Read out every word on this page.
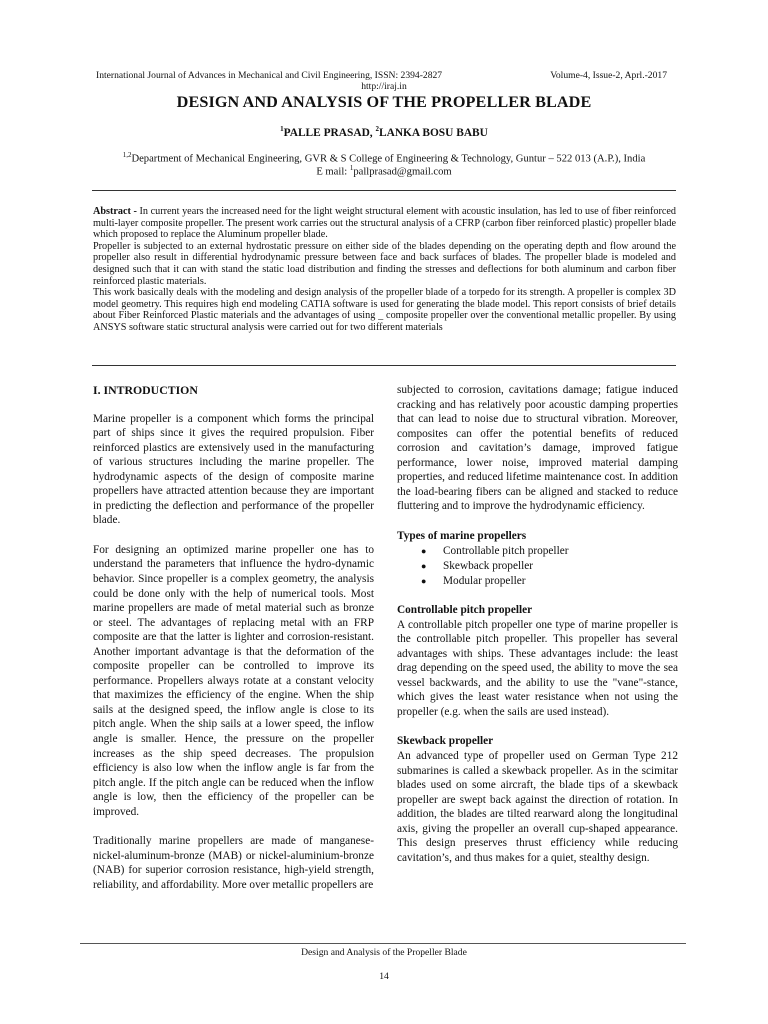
International Journal of Advances in Mechanical and Civil Engineering, ISSN: 2394-2827	Volume-4, Issue-2, Aprl.-2017
http://iraj.in
DESIGN AND ANALYSIS OF THE PROPELLER BLADE
$^1$PALLE PRASAD, $^2$LANKA BOSU BABU
$^{1,2}$Department of Mechanical Engineering, GVR & S College of Engineering & Technology, Guntur – 522 013 (A.P.), India
E mail: $^1$pallprasad@gmail.com

Abstract - In current years the increased need for the light weight structural element with acoustic insulation, has led to use of fiber reinforced multi-layer composite propeller. The present work carries out the structural analysis of a CFRP (carbon fiber reinforced plastic) propeller blade which proposed to replace the Aluminum propeller blade.

Propeller is subjected to an external hydrostatic pressure on either side of the blades depending on the operating depth and flow around the propeller also result in differential hydrodynamic pressure between face and back surfaces of blades. The propeller blade is modeled and designed such that it can with stand the static load distribution and finding the stresses and deflections for both aluminum and carbon fiber reinforced plastic materials.

This work basically deals with the modeling and design analysis of the propeller blade of a torpedo for its strength. A propeller is complex 3D model geometry. This requires high end modeling CATIA software is used for generating the blade model. This report consists of brief details about Fiber Reinforced Plastic materials and the advantages of using _ composite propeller over the conventional metallic propeller. By using ANSYS software static structural analysis were carried out for two different materials

I. INTRODUCTION

Marine propeller is a component which forms the principal part of ships since it gives the required propulsion. Fiber reinforced plastics are extensively used in the manufacturing of various structures including the marine propeller. The hydrodynamic aspects of the design of composite marine propellers have attracted attention because they are important in predicting the deflection and performance of the propeller blade.

For designing an optimized marine propeller one has to understand the parameters that influence the hydro-dynamic behavior. Since propeller is a complex geometry, the analysis could be done only with the help of numerical tools. Most marine propellers are made of metal material such as bronze or steel. The advantages of replacing metal with an FRP composite are that the latter is lighter and corrosion-resistant. Another important advantage is that the deformation of the composite propeller can be controlled to improve its performance. Propellers always rotate at a constant velocity that maximizes the efficiency of the engine. When the ship sails at the designed speed, the inflow angle is close to its pitch angle. When the ship sails at a lower speed, the inflow angle is smaller. Hence, the pressure on the propeller increases as the ship speed decreases. The propulsion efficiency is also low when the inflow angle is far from the pitch angle. If the pitch angle can be reduced when the inflow angle is low, then the efficiency of the propeller can be improved.

Traditionally marine propellers are made of manganese-nickel-aluminum-bronze (MAB) or nickel-aluminium-bronze (NAB) for superior corrosion resistance, high-yield strength, reliability, and affordability. More over metallic propellers are

subjected to corrosion, cavitations damage; fatigue induced cracking and has relatively poor acoustic damping properties that can lead to noise due to structural vibration. Moreover, composites can offer the potential benefits of reduced corrosion and cavitation’s damage, improved fatigue performance, lower noise, improved material damping properties, and reduced lifetime maintenance cost. In addition the load-bearing fibers can be aligned and stacked to reduce fluttering and to improve the hydrodynamic efficiency.

Types of marine propellers
● Controllable pitch propeller
● Skewback propeller
● Modular propeller
Controllable pitch propeller

A controllable pitch propeller one type of marine propeller is the controllable pitch propeller. This propeller has several advantages with ships. These advantages include: the least drag depending on the speed used, the ability to move the sea vessel backwards, and the ability to use the "vane"-stance, which gives the least water resistance when not using the propeller (e.g. when the sails are used instead).

Skewback propeller

An advanced type of propeller used on German Type 212 submarines is called a skewback propeller. As in the scimitar blades used on some aircraft, the blade tips of a skewback propeller are swept back against the direction of rotation. In addition, the blades are tilted rearward along the longitudinal axis, giving the propeller an overall cup-shaped appearance. This design preserves thrust efficiency while reducing cavitation’s, and thus makes for a quiet, stealthy design.

Design and Analysis of the Propeller Blade
14
